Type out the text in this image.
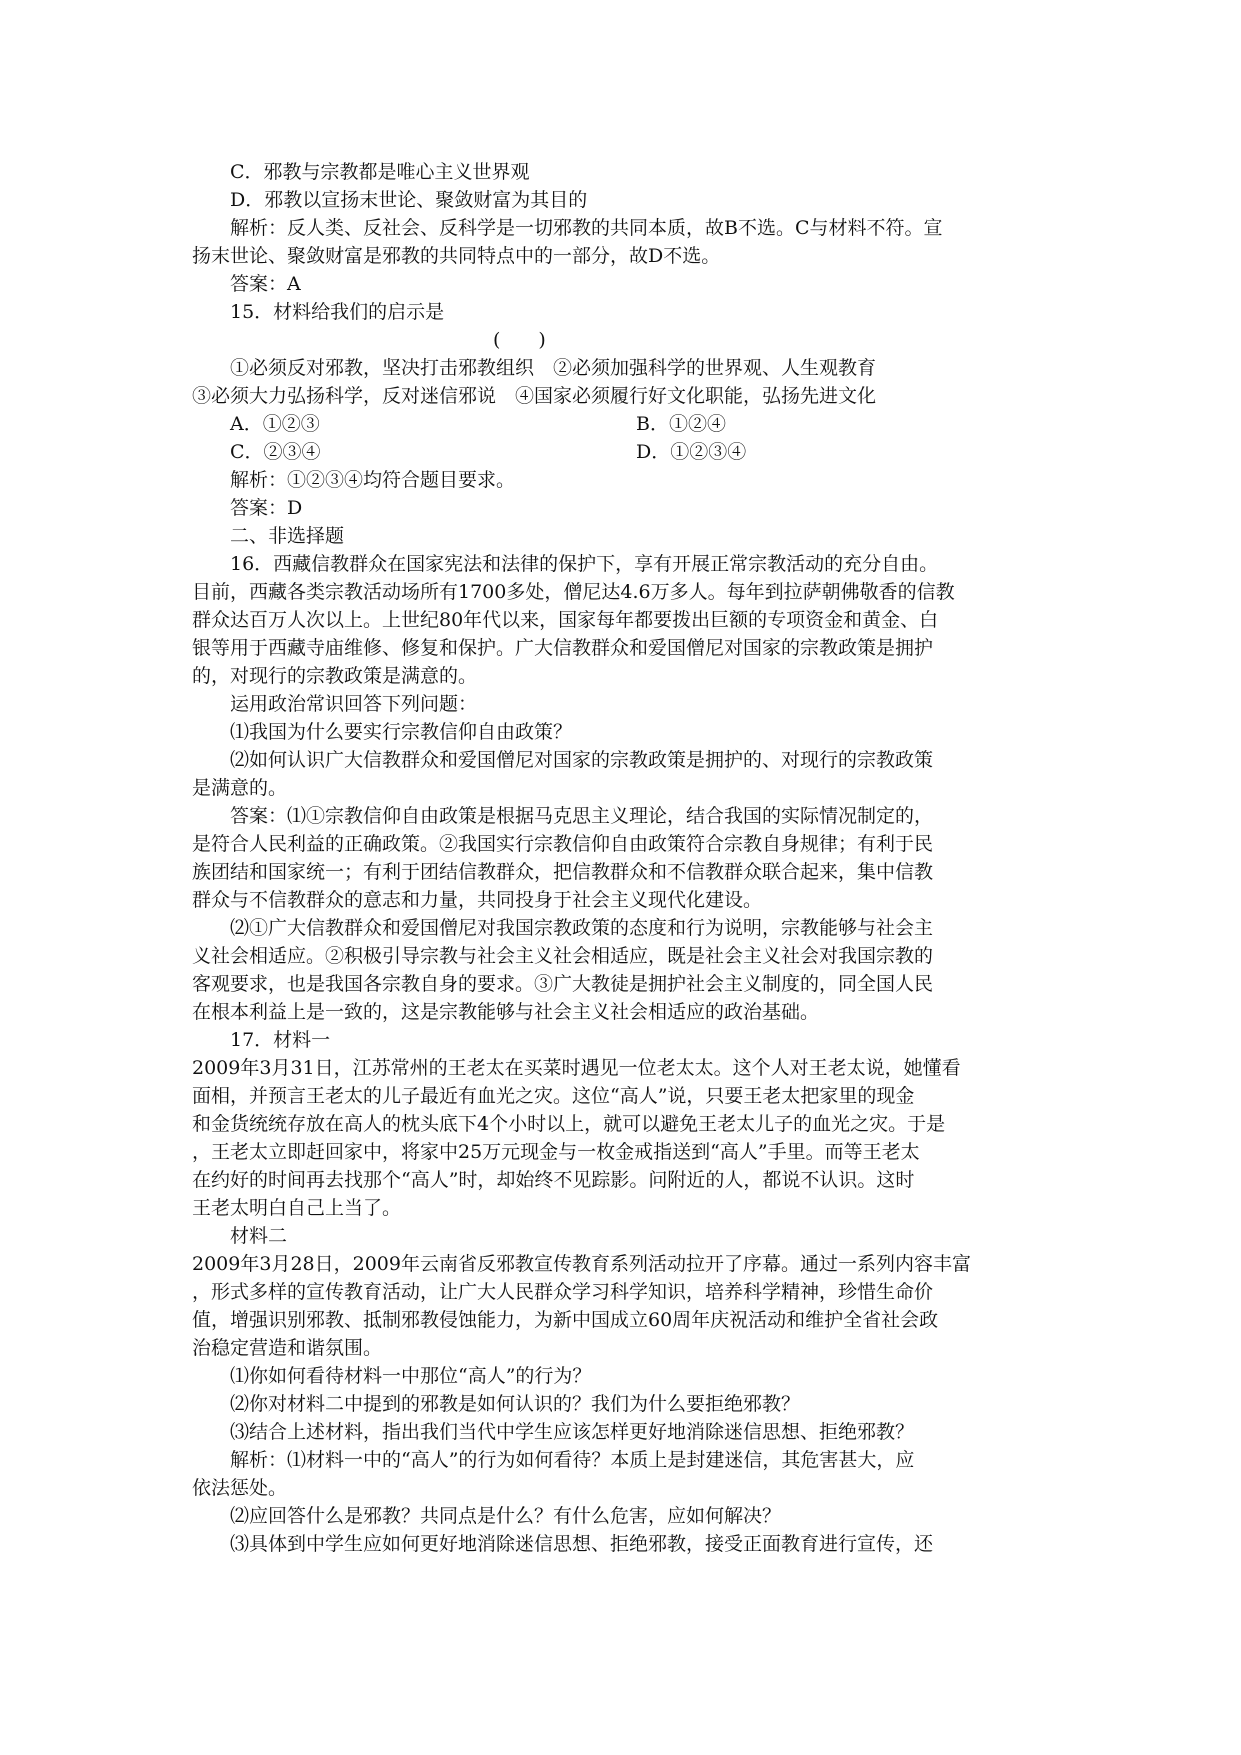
C．邪教与宗教都是唯心主义世界观
D．邪教以宣扬末世论、聚敛财富为其目的
解析：反人类、反社会、反科学是一切邪教的共同本质，故B不选。C与材料不符。宣
扬末世论、聚敛财富是邪教的共同特点中的一部分，故D不选。
答案：A
15．材料给我们的启示是
(　　)
①必须反对邪教，坚决打击邪教组织　②必须加强科学的世界观、人生观教育
③必须大力弘扬科学，反对迷信邪说　④国家必须履行好文化职能，弘扬先进文化
A．①②③	B．①②④
C．②③④	D．①②③④
解析：①②③④均符合题目要求。
答案：D
二、非选择题
16．西藏信教群众在国家宪法和法律的保护下，享有开展正常宗教活动的充分自由。
目前，西藏各类宗教活动场所有1700多处，僧尼达4.6万多人。每年到拉萨朝佛敬香的信教
群众达百万人次以上。上世纪80年代以来，国家每年都要拨出巨额的专项资金和黄金、白
银等用于西藏寺庙维修、修复和保护。广大信教群众和爱国僧尼对国家的宗教政策是拥护
的，对现行的宗教政策是满意的。
运用政治常识回答下列问题：
⑴我国为什么要实行宗教信仰自由政策？
⑵如何认识广大信教群众和爱国僧尼对国家的宗教政策是拥护的、对现行的宗教政策
是满意的。
答案：⑴①宗教信仰自由政策是根据马克思主义理论，结合我国的实际情况制定的，
是符合人民利益的正确政策。②我国实行宗教信仰自由政策符合宗教自身规律；有利于民
族团结和国家统一；有利于团结信教群众，把信教群众和不信教群众联合起来，集中信教
群众与不信教群众的意志和力量，共同投身于社会主义现代化建设。
⑵①广大信教群众和爱国僧尼对我国宗教政策的态度和行为说明，宗教能够与社会主
义社会相适应。②积极引导宗教与社会主义社会相适应，既是社会主义社会对我国宗教的
客观要求，也是我国各宗教自身的要求。③广大教徒是拥护社会主义制度的，同全国人民
在根本利益上是一致的，这是宗教能够与社会主义社会相适应的政治基础。
17．材料一
2009年3月31日，江苏常州的王老太在买菜时遇见一位老太太。这个人对王老太说，她懂看
面相，并预言王老太的儿子最近有血光之灾。这位“高人”说，只要王老太把家里的现金
和金货统统存放在高人的枕头底下4个小时以上，就可以避免王老太儿子的血光之灾。于是
，王老太立即赶回家中，将家中25万元现金与一枚金戒指送到“高人”手里。而等王老太
在约好的时间再去找那个“高人”时，却始终不见踪影。问附近的人，都说不认识。这时
王老太明白自己上当了。
材料二
2009年3月28日，2009年云南省反邪教宣传教育系列活动拉开了序幕。通过一系列内容丰富
，形式多样的宣传教育活动，让广大人民群众学习科学知识，培养科学精神，珍惜生命价
值，增强识别邪教、抵制邪教侵蚀能力，为新中国成立60周年庆祝活动和维护全省社会政
治稳定营造和谐氛围。
⑴你如何看待材料一中那位“高人”的行为？
⑵你对材料二中提到的邪教是如何认识的？我们为什么要拒绝邪教？
⑶结合上述材料，指出我们当代中学生应该怎样更好地消除迷信思想、拒绝邪教？
解析：⑴材料一中的“高人”的行为如何看待？本质上是封建迷信，其危害甚大，应
依法惩处。
⑵应回答什么是邪教？共同点是什么？有什么危害，应如何解决？
⑶具体到中学生应如何更好地消除迷信思想、拒绝邪教，接受正面教育进行宣传，还
